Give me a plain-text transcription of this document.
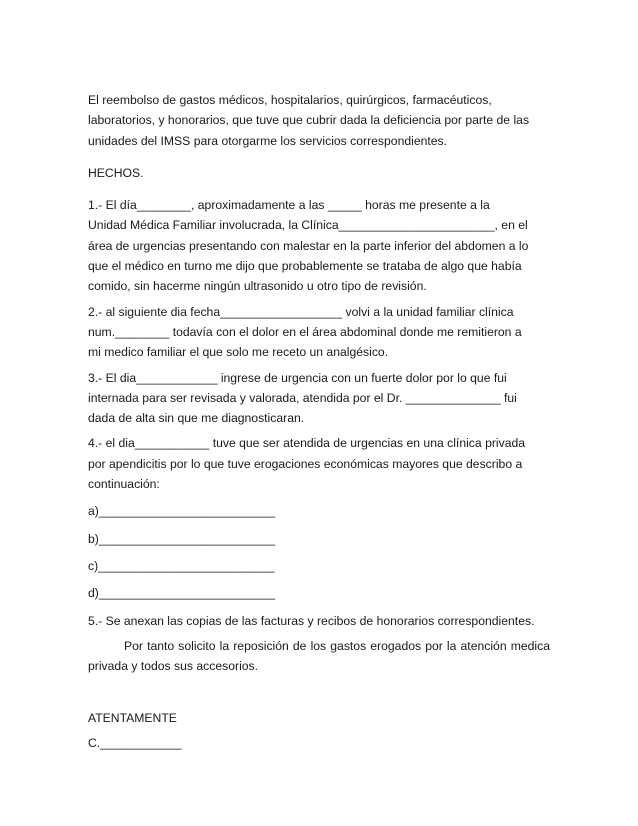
El reembolso de gastos médicos, hospitalarios, quirúrgicos, farmacéuticos,
laboratorios, y honorarios, que tuve que cubrir dada la deficiencia por parte de las
unidades del IMSS para otorgarme los servicios correspondientes.

HECHOS.

1.- El día________, aproximadamente a las _____ horas me presente a la
Unidad Médica Familiar involucrada, la Clínica_______________________, en el
área de urgencias presentando con malestar en la parte inferior del abdomen a lo
que el médico en turno me dijo que probablemente se trataba de algo que había
comido, sin hacerme ningún ultrasonido u otro tipo de revisión.

2.- al siguiente dia fecha__________________ volvi a la unidad familiar clínica
num.________ todavía con el dolor en el área abdominal donde me remitieron a
mi medico familiar el que solo me receto un analgésico.

3.- El dia____________ ingrese de urgencia con un fuerte dolor por lo que fui
internada para ser revisada y valorada, atendida por el Dr. ______________ fui
dada de alta sin que me diagnosticaran.

4.- el dia___________ tuve que ser atendida de urgencias en una clínica privada
por apendicitis por lo que tuve erogaciones económicas mayores que describo a
continuación:

a)__________________________

b)__________________________

c)__________________________

d)__________________________

5.- Se anexan las copias de las facturas y recibos de honorarios correspondientes.

Por tanto solicito la reposición de los gastos erogados por la atención medica privada y todos sus accesorios.

ATENTAMENTE

C.____________
